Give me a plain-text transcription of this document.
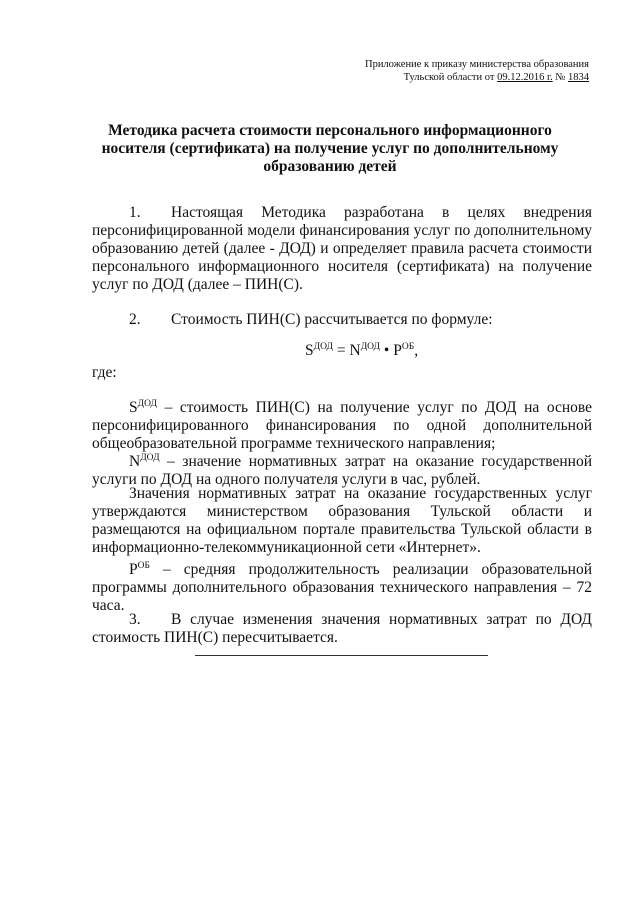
Приложение к приказу министерства образования
Тульской области от 09.12.2016 г. № 1834
Методика расчета стоимости персонального информационного носителя (сертификата) на получение услуг по дополнительному образованию детей
1. Настоящая Методика разработана в целях внедрения персонифицированной модели финансирования услуг по дополнительному образованию детей (далее - ДОД) и определяет правила расчета стоимости персонального информационного носителя (сертификата) на получение услуг по ДОД (далее – ПИН(С).
2. Стоимость ПИН(С) рассчитывается по формуле:
$S^{ДОД} = N^{ДОД}$ • $P^{ОБ}$,
где:
$S^{ДОД}$ – стоимость ПИН(С) на получение услуг по ДОД на основе персонифицированного финансирования по одной дополнительной общеобразовательной программе технического направления;
$N^{ДОД}$ – значение нормативных затрат на оказание государственной услуги по ДОД на одного получателя услуги в час, рублей.
Значения нормативных затрат на оказание государственных услуг утверждаются министерством образования Тульской области и размещаются на официальном портале правительства Тульской области в информационно-телекоммуникационной сети «Интернет».
$P^{ОБ}$ – средняя продолжительность реализации образовательной программы дополнительного образования технического направления – 72 часа.
3. В случае изменения значения нормативных затрат по ДОД стоимость ПИН(С) пересчитывается.
